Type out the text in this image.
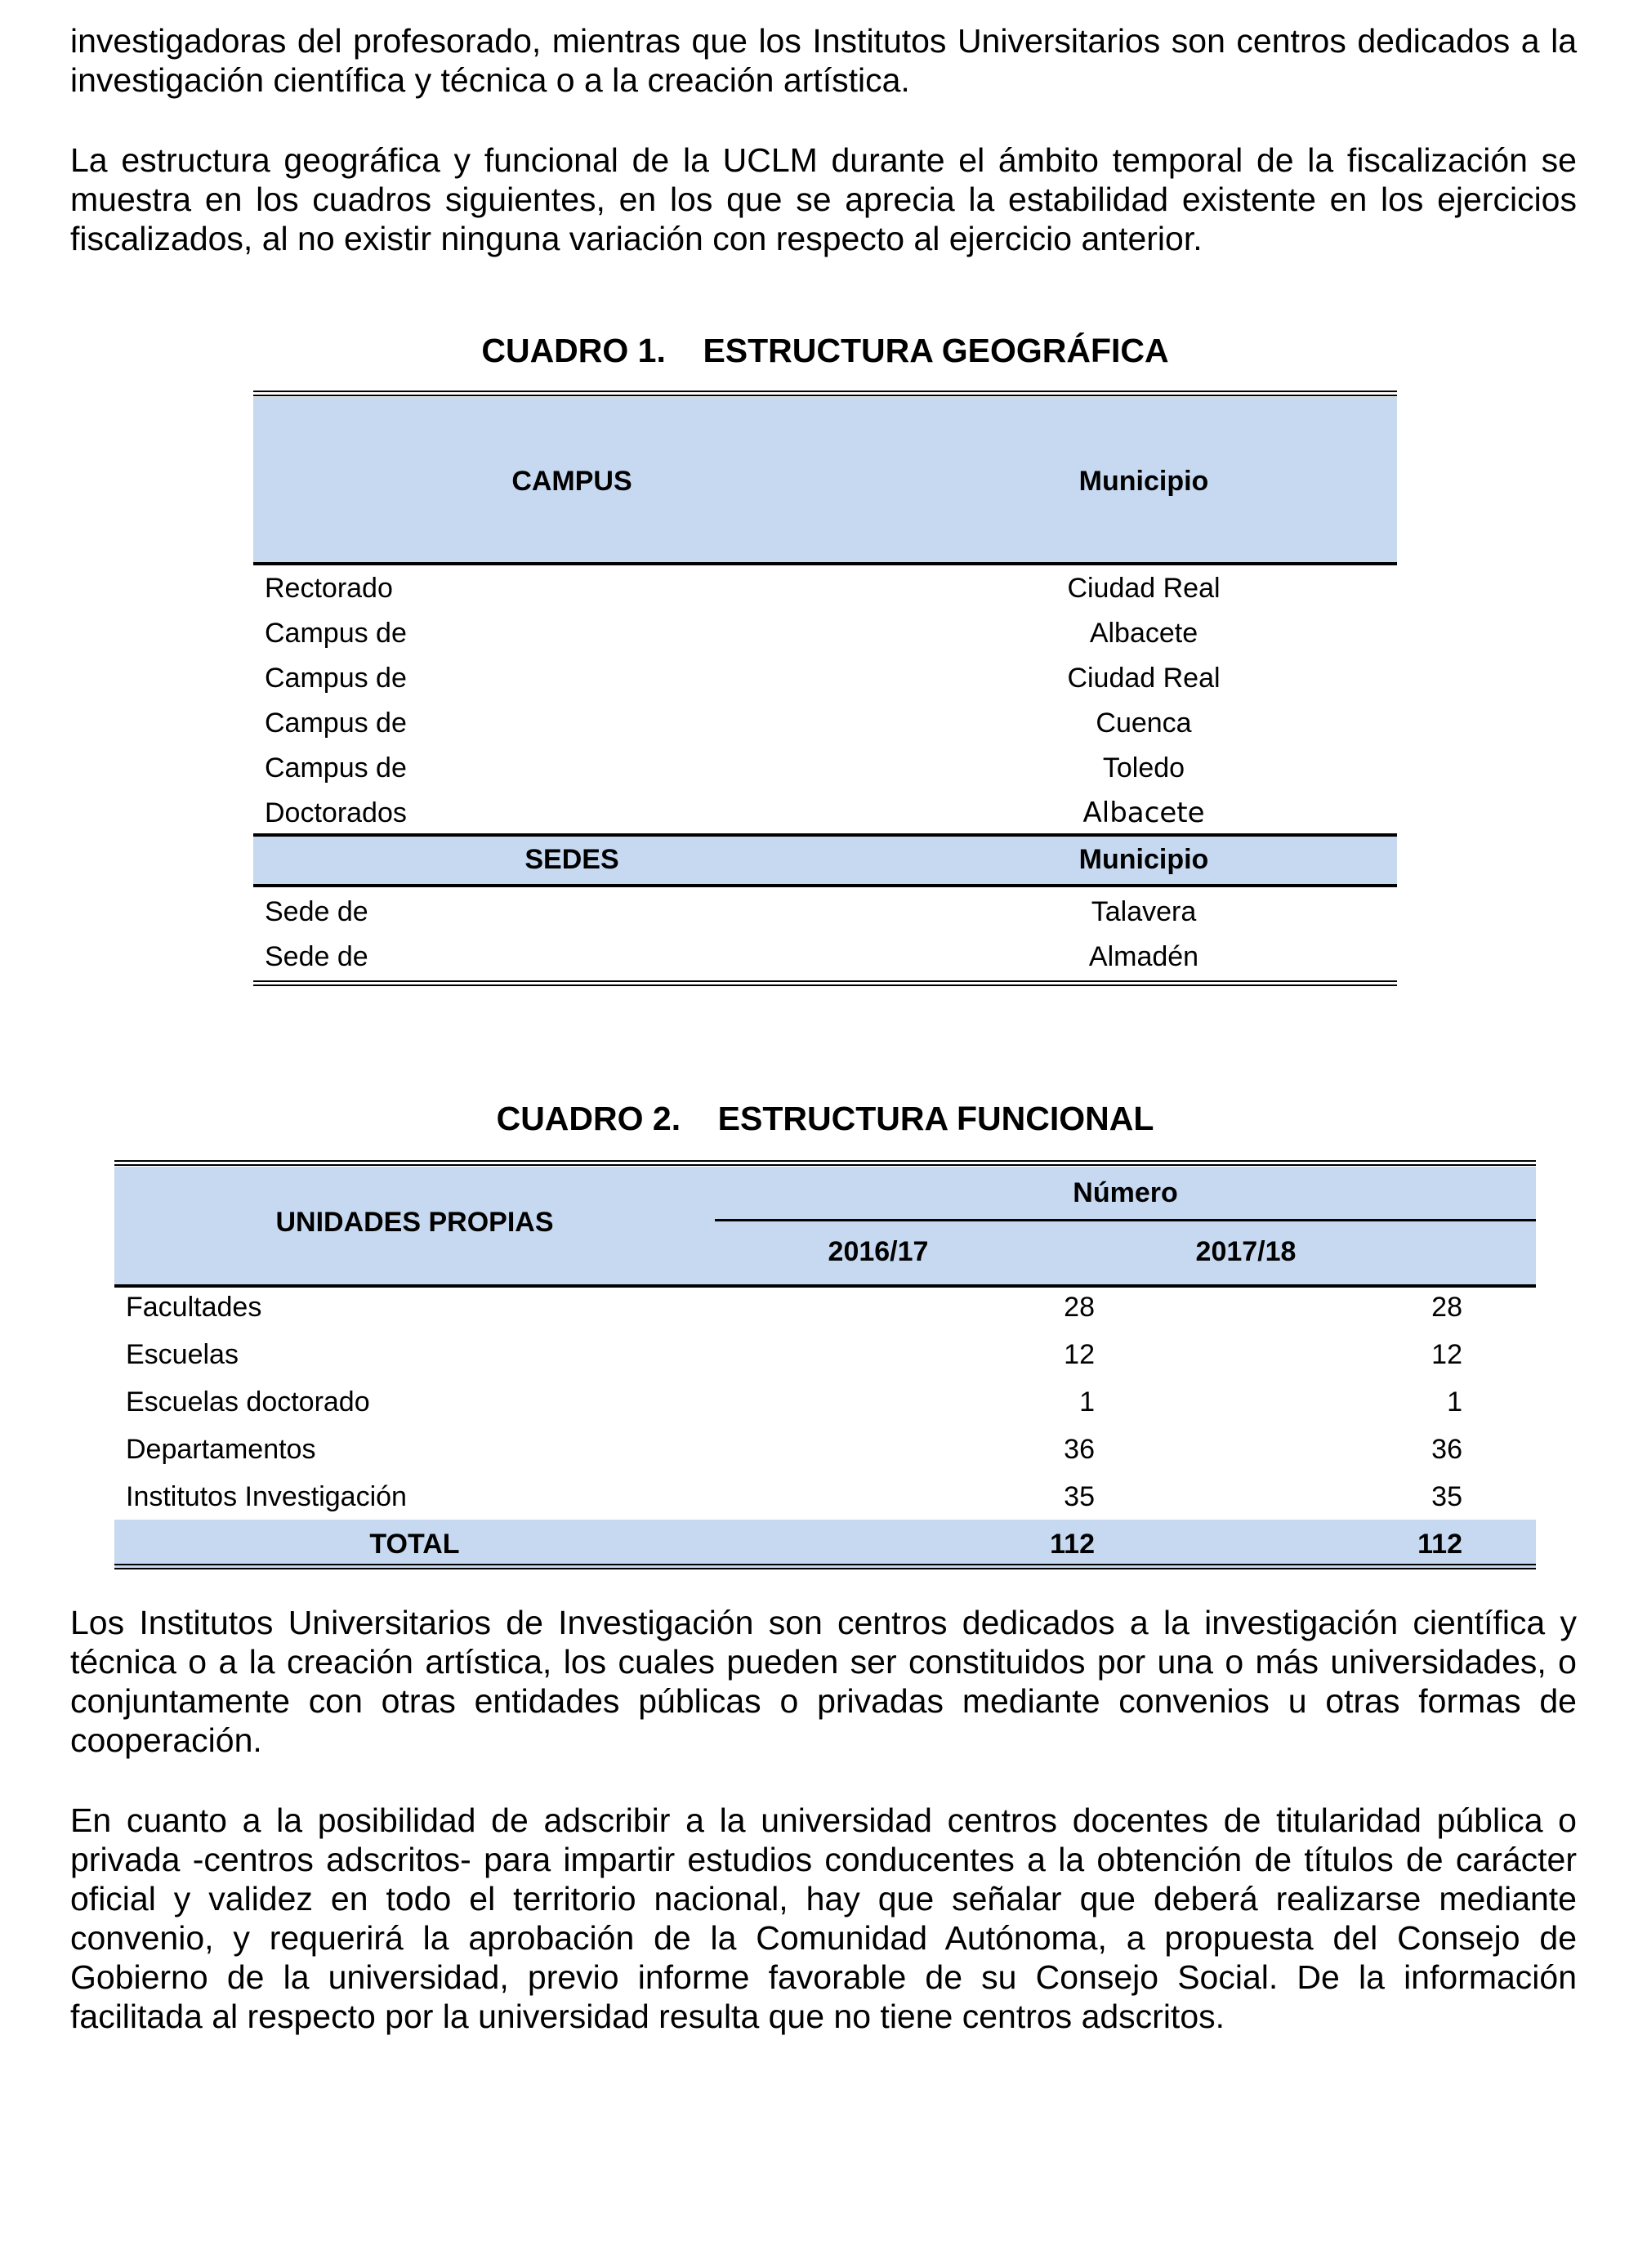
investigadoras del profesorado, mientras que los Institutos Universitarios son centros dedicados a la investigación científica y técnica o a la creación artística.
La estructura geográfica y funcional de la UCLM durante el ámbito temporal de la fiscalización se muestra en los cuadros siguientes, en los que se aprecia la estabilidad existente en los ejercicios fiscalizados, al no existir ninguna variación con respecto al ejercicio anterior.
CUADRO 1.    ESTRUCTURA GEOGRÁFICA
CAMPUS	Municipio
Rectorado	Ciudad Real
Campus de	Albacete
Campus de	Ciudad Real
Campus de	Cuenca
Campus de	Toledo
Doctorados	Albacete
SEDES	Municipio
Sede de	Talavera
Sede de	Almadén
CUADRO 2.    ESTRUCTURA FUNCIONAL
UNIDADES PROPIAS
Número
2016/17	2017/18
Facultades	28	28
Escuelas	12	12
Escuelas doctorado	1	1
Departamentos	36	36
Institutos Investigación	35	35
TOTAL	112	112
Los Institutos Universitarios de Investigación son centros dedicados a la investigación científica y técnica o a la creación artística, los cuales pueden ser constituidos por una o más universidades, o conjuntamente con otras entidades públicas o privadas mediante convenios u otras formas de cooperación.
En cuanto a la posibilidad de adscribir a la universidad centros docentes de titularidad pública o privada -centros adscritos- para impartir estudios conducentes a la obtención de títulos de carácter oficial y validez en todo el territorio nacional, hay que señalar que deberá realizarse mediante convenio, y requerirá la aprobación de la Comunidad Autónoma, a propuesta del Consejo de Gobierno de la universidad, previo informe favorable de su Consejo Social. De la información facilitada al respecto por la universidad resulta que no tiene centros adscritos.
